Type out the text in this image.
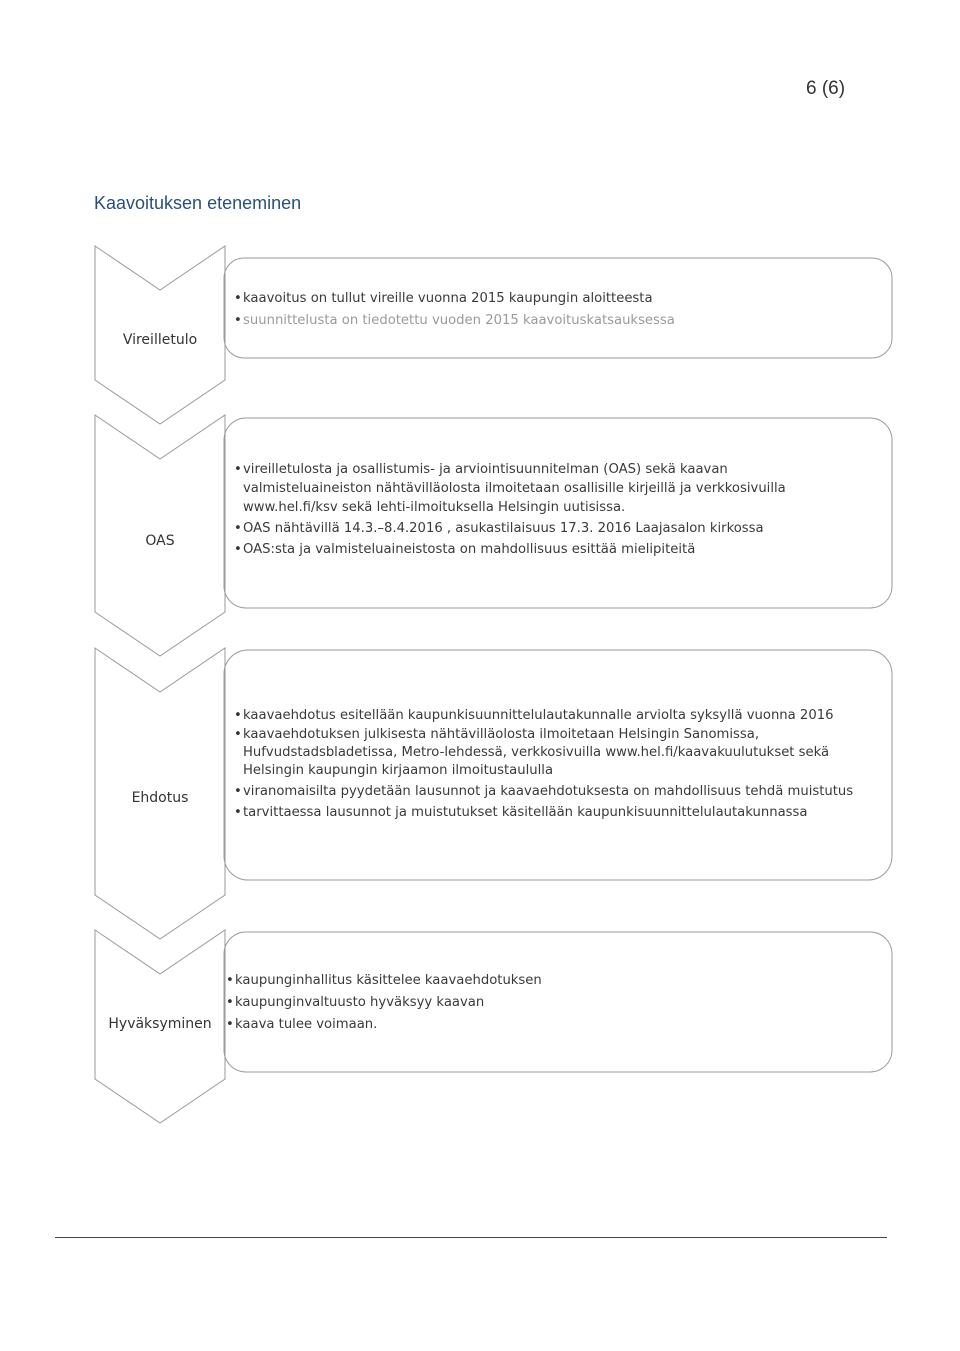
6 (6)
Kaavoituksen eteneminen
Vireilletulo
OAS
Ehdotus
Hyväksyminen
• kaavoitus on tullut vireille vuonna 2015 kaupungin aloitteesta
• suunnittelusta on tiedotettu vuoden 2015 kaavoituskatsauksessa
• vireilletulosta ja osallistumis- ja arviointisuunnitelman (OAS) sekä kaavan
valmisteluaineiston nähtävilläolosta ilmoitetaan osallisille kirjeillä ja verkkosivuilla
www.hel.fi/ksv sekä lehti-ilmoituksella Helsingin uutisissa.
• OAS nähtävillä 14.3.–8.4.2016 , asukastilaisuus 17.3. 2016 Laajasalon kirkossa
• OAS:sta ja valmisteluaineistosta on mahdollisuus esittää mielipiteitä
• kaavaehdotus esitellään kaupunkisuunnittelulautakunnalle arviolta syksyllä vuonna 2016
• kaavaehdotuksen julkisesta nähtävilläolosta ilmoitetaan Helsingin Sanomissa,
Hufvudstadsbladetissa, Metro-lehdessä, verkkosivuilla www.hel.fi/kaavakuulutukset sekä
Helsingin kaupungin kirjaamon ilmoitustaululla
• viranomaisilta pyydetään lausunnot ja kaavaehdotuksesta on mahdollisuus tehdä muistutus
• tarvittaessa lausunnot ja muistutukset käsitellään kaupunkisuunnittelulautakunnassa
• kaupunginhallitus käsittelee kaavaehdotuksen
• kaupunginvaltuusto hyväksyy kaavan
• kaava tulee voimaan.
